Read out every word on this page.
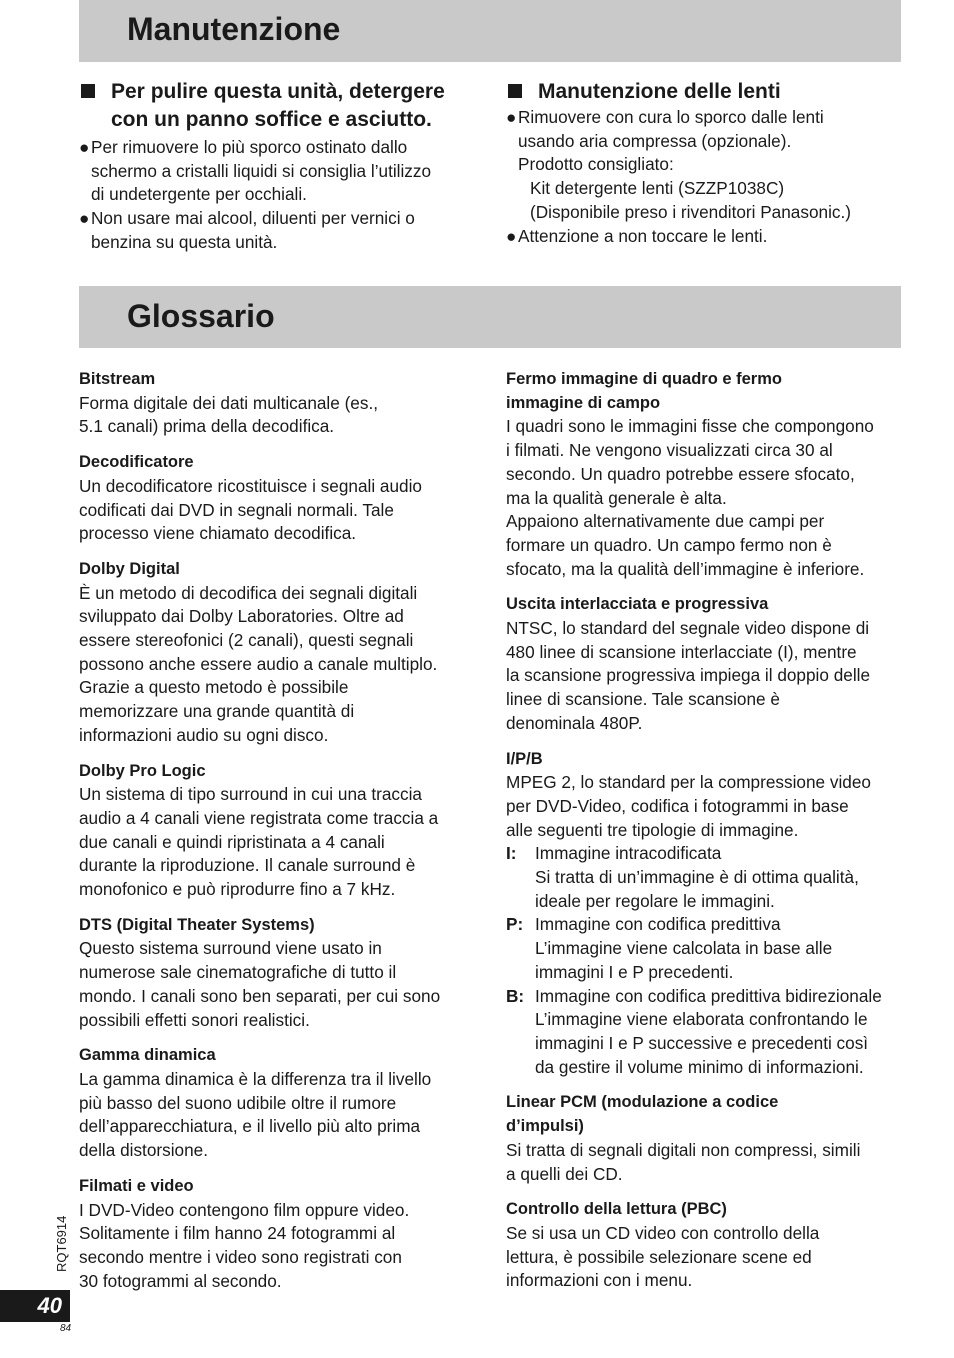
Manutenzione
Per pulire questa unità, detergere
con un panno soffice e asciutto.
● Per rimuovere lo più sporco ostinato dallo
schermo a cristalli liquidi si consiglia l’utilizzo
di undetergente per occhiali.
● Non usare mai alcool, diluenti per vernici o
benzina su questa unità.
Manutenzione delle lenti
● Rimuovere con cura lo sporco dalle lenti
usando aria compressa (opzionale).
Prodotto consigliato:
Kit detergente lenti (SZZP1038C)
(Disponibile preso i rivenditori Panasonic.)
● Attenzione a non toccare le lenti.
Glossario
Bitstream
Forma digitale dei dati multicanale (es.,
5.1 canali) prima della decodifica.
Decodificatore
Un decodificatore ricostituisce i segnali audio
codificati dai DVD in segnali normali. Tale
processo viene chiamato decodifica.
Dolby Digital
È un metodo di decodifica dei segnali digitali
sviluppato dai Dolby Laboratories. Oltre ad
essere stereofonici (2 canali), questi segnali
possono anche essere audio a canale multiplo.
Grazie a questo metodo è possibile
memorizzare una grande quantità di
informazioni audio su ogni disco.
Dolby Pro Logic
Un sistema di tipo surround in cui una traccia
audio a 4 canali viene registrata come traccia a
due canali e quindi ripristinata a 4 canali
durante la riproduzione. Il canale surround è
monofonico e può riprodurre fino a 7 kHz.
DTS (Digital Theater Systems)
Questo sistema surround viene usato in
numerose sale cinematografiche di tutto il
mondo. I canali sono ben separati, per cui sono
possibili effetti sonori realistici.
Gamma dinamica
La gamma dinamica è la differenza tra il livello
più basso del suono udibile oltre il rumore
dell’apparecchiatura, e il livello più alto prima
della distorsione.
Filmati e video
I DVD-Video contengono film oppure video.
Solitamente i film hanno 24 fotogrammi al
secondo mentre i video sono registrati con
30 fotogrammi al secondo.
Fermo immagine di quadro e fermo
immagine di campo
I quadri sono le immagini fisse che compongono
i filmati. Ne vengono visualizzati circa 30 al
secondo. Un quadro potrebbe essere sfocato,
ma la qualità generale è alta.
Appaiono alternativamente due campi per
formare un quadro. Un campo fermo non è
sfocato, ma la qualità dell’immagine è inferiore.
Uscita interlacciata e progressiva
NTSC, lo standard del segnale video dispone di
480 linee di scansione interlacciate (I), mentre
la scansione progressiva impiega il doppio delle
linee di scansione. Tale scansione è
denominala 480P.
I/P/B
MPEG 2, lo standard per la compressione video
per DVD-Video, codifica i fotogrammi in base
alle seguenti tre tipologie di immagine.
I:	Immagine intracodificata
Si tratta di un’immagine è di ottima qualità,
ideale per regolare le immagini.
P: Immagine con codifica predittiva
L’immagine viene calcolata in base alle
immagini I e P precedenti.
B: Immagine con codifica predittiva bidirezionale
L’immagine viene elaborata confrontando le
immagini I e P successive e precedenti così
da gestire il volume minimo di informazioni.
Linear PCM (modulazione a codice
d’impulsi)
Si tratta di segnali digitali non compressi, simili
a quelli dei CD.
Controllo della lettura (PBC)
Se si usa un CD video con controllo della
lettura, è possibile selezionare scene ed
informazioni con i menu.
RQT6914
40
84
